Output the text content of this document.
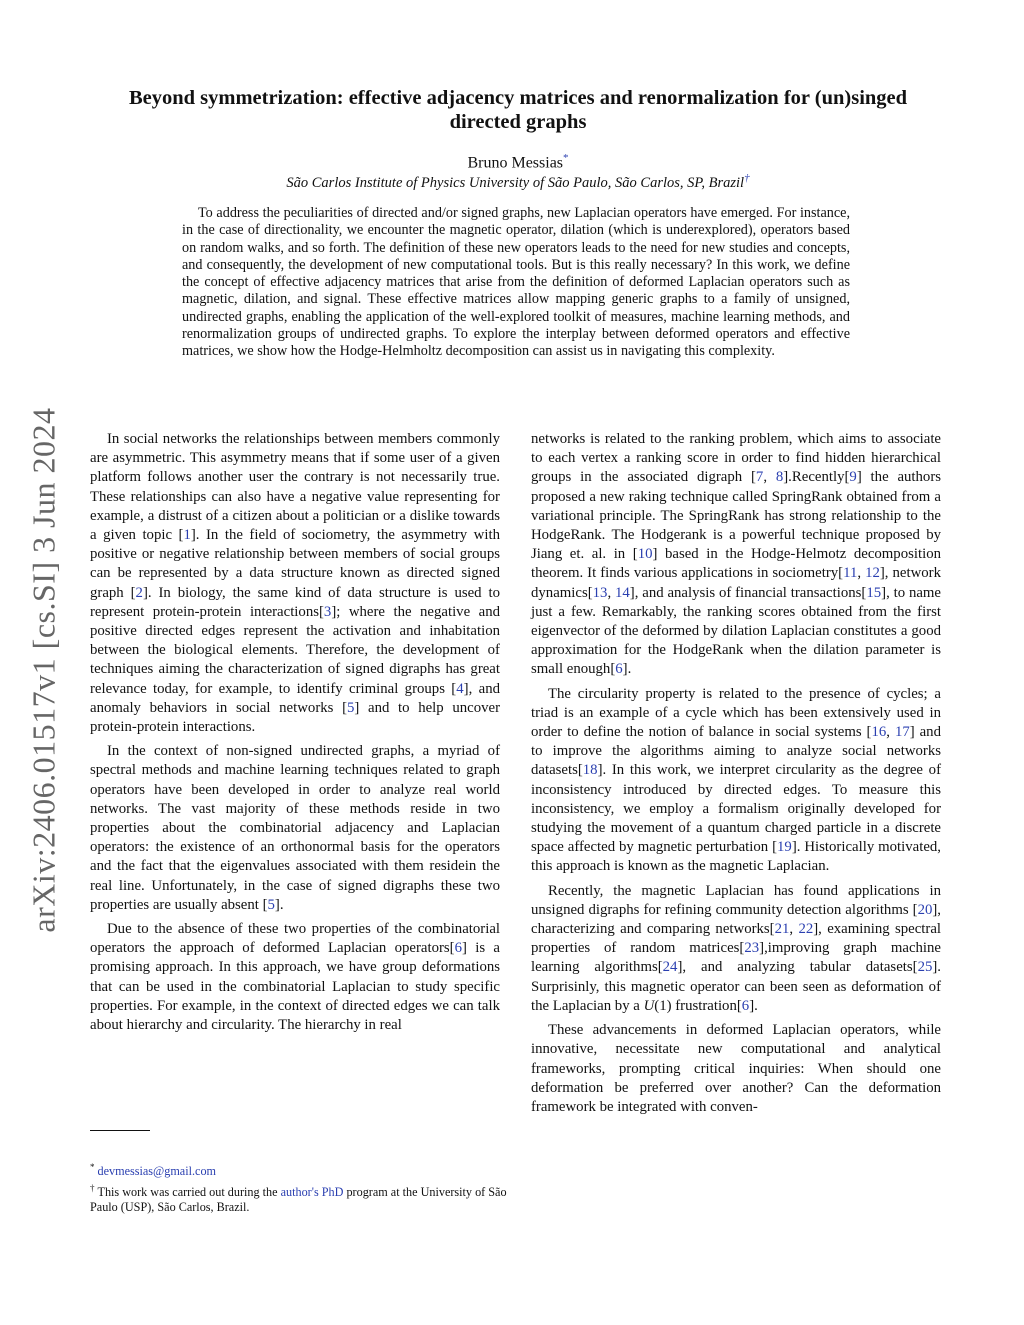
arXiv:2406.01517v1 [cs.SI] 3 Jun 2024
Beyond symmetrization: effective adjacency matrices and renormalization for (un)singed directed graphs
Bruno Messias*
São Carlos Institute of Physics University of São Paulo, São Carlos, SP, Brazil†
To address the peculiarities of directed and/or signed graphs, new Laplacian operators have emerged. For instance, in the case of directionality, we encounter the magnetic operator, dilation (which is underexplored), operators based on random walks, and so forth. The definition of these new operators leads to the need for new studies and concepts, and consequently, the development of new computational tools. But is this really necessary? In this work, we define the concept of effective adjacency matrices that arise from the definition of deformed Laplacian operators such as magnetic, dilation, and signal. These effective matrices allow mapping generic graphs to a family of unsigned, undirected graphs, enabling the application of the well-explored toolkit of measures, machine learning methods, and renormalization groups of undirected graphs. To explore the interplay between deformed operators and effective matrices, we show how the Hodge-Helmholtz decomposition can assist us in navigating this complexity.

In social networks the relationships between members commonly are asymmetric. This asymmetry means that if some user of a given platform follows another user the contrary is not necessarily true. These relationships can also have a negative value representing for example, a distrust of a citizen about a politician or a dislike towards a given topic [1]. In the field of sociometry, the asymmetry with positive or negative relationship between members of social groups can be represented by a data structure known as directed signed graph [2]. In biology, the same kind of data structure is used to represent protein-protein interactions[3]; where the negative and positive directed edges represent the activation and inhabitation between the biological elements. Therefore, the development of techniques aiming the characterization of signed digraphs has great relevance today, for example, to identify criminal groups [4], and anomaly behaviors in social networks [5] and to help uncover protein-protein interactions.

In the context of non-signed undirected graphs, a myriad of spectral methods and machine learning techniques related to graph operators have been developed in order to analyze real world networks. The vast majority of these methods reside in two properties about the combinatorial adjacency and Laplacian operators: the existence of an orthonormal basis for the operators and the fact that the eigenvalues associated with them residein the real line. Unfortunately, in the case of signed digraphs these two properties are usually absent [5].

Due to the absence of these two properties of the combinatorial operators the approach of deformed Laplacian operators[6] is a promising approach. In this approach, we have group deformations that can be used in the combinatorial Laplacian to study specific properties. For example, in the context of directed edges we can talk about hierarchy and circularity. The hierarchy in real

networks is related to the ranking problem, which aims to associate to each vertex a ranking score in order to find hidden hierarchical groups in the associated digraph [7, 8].Recently[9] the authors proposed a new raking technique called SpringRank obtained from a variational principle. The SpringRank has strong relationship to the HodgeRank. The Hodgerank is a powerful technique proposed by Jiang et. al. in [10] based in the Hodge-Helmotz decomposition theorem. It finds various applications in sociometry[11, 12], network dynamics[13, 14], and analysis of financial transactions[15], to name just a few. Remarkably, the ranking scores obtained from the first eigenvector of the deformed by dilation Laplacian constitutes a good approximation for the HodgeRank when the dilation parameter is small enough[6].

The circularity property is related to the presence of cycles; a triad is an example of a cycle which has been extensively used in order to define the notion of balance in social systems [16, 17] and to improve the algorithms aiming to analyze social networks datasets[18]. In this work, we interpret circularity as the degree of inconsistency introduced by directed edges. To measure this inconsistency, we employ a formalism originally developed for studying the movement of a quantum charged particle in a discrete space affected by magnetic perturbation [19]. Historically motivated, this approach is known as the magnetic Laplacian.

Recently, the magnetic Laplacian has found applications in unsigned digraphs for refining community detection algorithms [20], characterizing and comparing networks[21, 22], examining spectral properties of random matrices[23],improving graph machine learning algorithms[24], and analyzing tabular datasets[25]. Surprisinly, this magnetic operator can been seen as deformation of the Laplacian by a U(1) frustration[6].

These advancements in deformed Laplacian operators, while innovative, necessitate new computational and analytical frameworks, prompting critical inquiries: When should one deformation be preferred over another? Can the deformation framework be integrated with conven-

* devmessias@gmail.com
† This work was carried out during the author's PhD program at the University of São Paulo (USP), São Carlos, Brazil.
